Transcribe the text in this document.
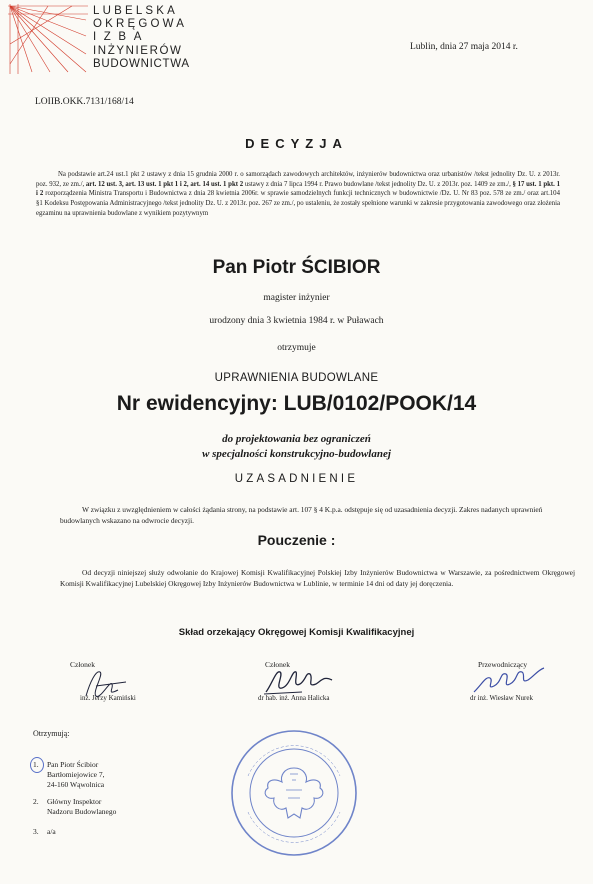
LUBELSKA
OKRĘGOWA
IZBA
INŻYNIERÓW
BUDOWNICTWA
Lublin, dnia 27 maja 2014 r.
LOIIB.OKK.7131/168/14
DECYZJA
Na podstawie art.24 ust.1 pkt 2 ustawy z dnia 15 grudnia 2000 r. o samorządach zawodowych architektów, inżynierów budownictwa oraz urbanistów /tekst jednolity Dz. U. z 2013r. poz. 932, ze zm./, art. 12 ust. 3, art. 13 ust. 1 pkt 1 i 2, art. 14 ust. 1 pkt 2 ustawy z dnia 7 lipca 1994 r. Prawo budowlane /tekst jednolity Dz. U. z 2013r. poz. 1409 ze zm./, § 17 ust. 1 pkt. 1 i 2 rozporządzenia Ministra Transportu i Budownictwa z dnia 28 kwietnia 2006r. w sprawie samodzielnych funkcji technicznych w budownictwie /Dz. U. Nr 83 poz. 578 ze zm./ oraz art.104 §1 Kodeksu Postępowania Administracyjnego /tekst jednolity Dz. U. z 2013r. poz. 267 ze zm./, po ustaleniu, że zostały spełnione warunki w zakresie przygotowania zawodowego oraz złożenia egzaminu na uprawnienia budowlane z wynikiem pozytywnym
Pan Piotr ŚCIBIOR
magister inżynier
urodzony dnia 3 kwietnia 1984 r. w Puławach
otrzymuje
UPRAWNIENIA BUDOWLANE
Nr ewidencyjny: LUB/0102/POOK/14
do projektowania bez ograniczeń
w specjalności konstrukcyjno-budowlanej
UZASADNIENIE
W związku z uwzględnieniem w całości żądania strony, na podstawie art. 107 § 4 K.p.a. odstępuje się od uzasadnienia decyzji. Zakres nadanych uprawnień budowlanych wskazano na odwrocie decyzji.
Pouczenie :
Od decyzji niniejszej służy odwołanie do Krajowej Komisji Kwalifikacyjnej Polskiej Izby Inżynierów Budownictwa w Warszawie, za pośrednictwem Okręgowej Komisji Kwalifikacyjnej Lubelskiej Okręgowej Izby Inżynierów Budownictwa w Lublinie, w terminie 14 dni od daty jej doręczenia.
Skład orzekający Okręgowej Komisji Kwalifikacyjnej
Członek
inż. Jerzy Kamiński
Członek
dr hab. inż. Anna Halicka
Przewodniczący
dr inż. Wiesław Nurek
Otrzymują:
1. Pan Piotr Ścibior
Bartłomiejowice 7,
24-160 Wąwolnica
2. Główny Inspektor
Nadzoru Budowlanego
3. a/a
